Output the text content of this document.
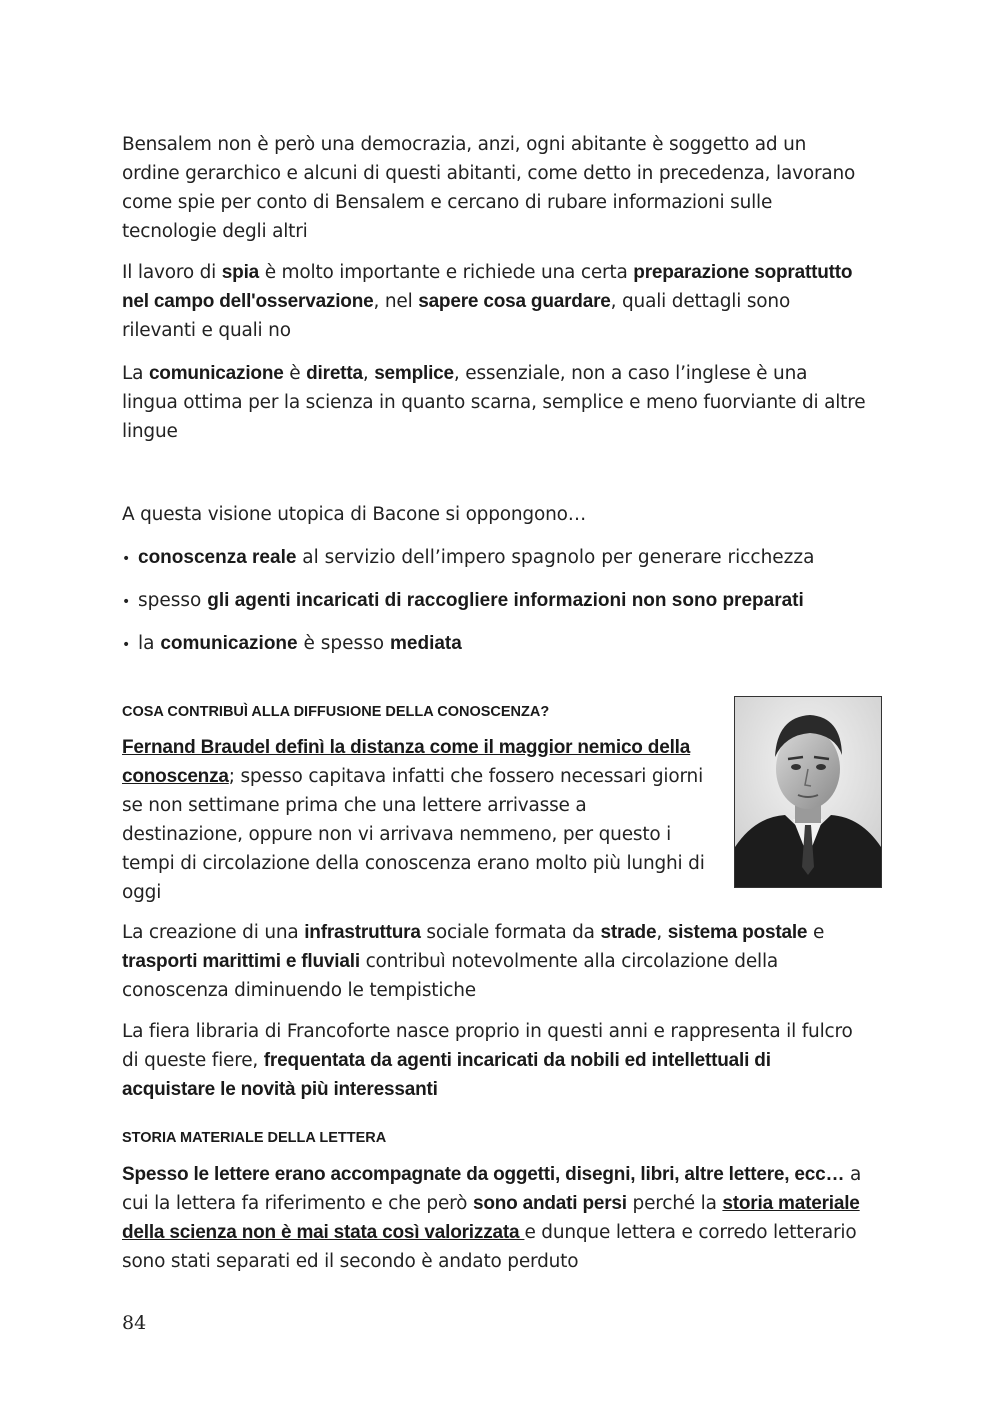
Bensalem non è però una democrazia, anzi, ogni abitante è soggetto ad un ordine gerarchico e alcuni di questi abitanti, come detto in precedenza, lavorano come spie per conto di Bensalem e cercano di rubare informazioni sulle tecnologie degli altri

Il lavoro di spia è molto importante e richiede una certa preparazione soprattutto nel campo dell'osservazione, nel sapere cosa guardare, quali dettagli sono rilevanti e quali no

La comunicazione è diretta, semplice, essenziale, non a caso l’inglese è una lingua ottima per la scienza in quanto scarna, semplice e meno fuorviante di altre lingue

A questa visione utopica di Bacone si oppongono…

• conoscenza reale al servizio dell’impero spagnolo per generare ricchezza
• spesso gli agenti incaricati di raccogliere informazioni non sono preparati
• la comunicazione è spesso mediata
COSA CONTRIBUÌ ALLA DIFFUSIONE DELLA CONOSCENZA?

Fernand Braudel definì la distanza come il maggior nemico della conoscenza; spesso capitava infatti che fossero necessari giorni se non settimane prima che una lettere arrivasse a destinazione, oppure non vi arrivava nemmeno, per questo i tempi di circolazione della conoscenza erano molto più lunghi di oggi

La creazione di una infrastruttura sociale formata da strade, sistema postale e trasporti marittimi e fluviali contribuì notevolmente alla circolazione della conoscenza diminuendo le tempistiche

La fiera libraria di Francoforte nasce proprio in questi anni e rappresenta il fulcro di queste fiere, frequentata da agenti incaricati da nobili ed intellettuali di acquistare le novità più interessanti

STORIA MATERIALE DELLA LETTERA

Spesso le lettere erano accompagnate da oggetti, disegni, libri, altre lettere, ecc… a cui la lettera fa riferimento e che però sono andati persi perché la storia materiale della scienza non è mai stata così valorizzata e dunque lettera e corredo letterario sono stati separati ed il secondo è andato perduto

84
